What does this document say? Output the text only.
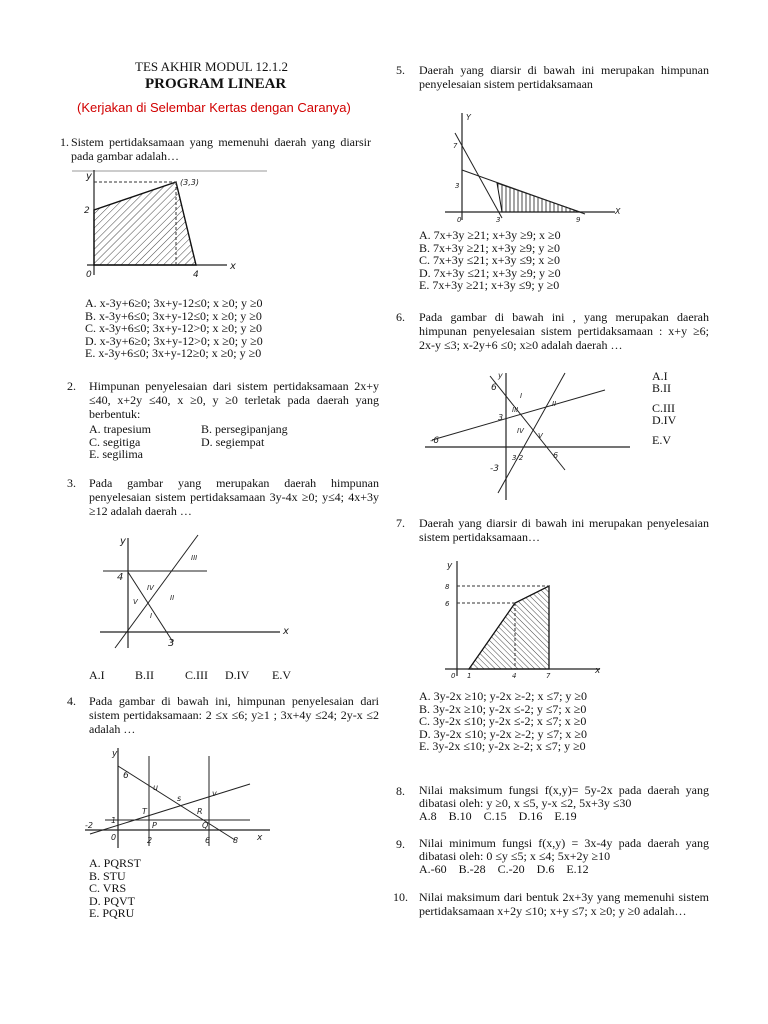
TES AKHIR MODUL 12.1.2
PROGRAM LINEAR
(Kerjakan di Selembar Kertas dengan Caranya)
1. Sistem pertidaksamaan yang memenuhi daerah yang diarsir pada gambar adalah…
y
x
(3,3)
2
0	4
A. x-3y+6≥0; 3x+y-12≤0; x ≥0; y ≥0
B. x-3y+6≤0; 3x+y-12≤0; x ≥0; y ≥0
C. x-3y+6≤0; 3x+y-12>0; x ≥0; y ≥0
D. x-3y+6≥0; 3x+y-12>0; x ≥0; y ≥0
E. x-3y+6≤0; 3x+y-12≥0; x ≥0; y ≥0
2. Himpunan penyelesaian dari sistem pertidaksamaan 2x+y ≤40, x+2y ≤40, x ≥0, y ≥0 terletak pada daerah yang berbentuk:
A. trapesium	B. persegipanjang
C. segitiga	D. segiempat
E. segilima
3. Pada gambar yang merupakan daerah himpunan penyelesaian sistem pertidaksamaan 3y-4x ≥0; y≤4; 4x+3y ≥12 adalah daerah …
y
x
4
3
I
II
III
IV
V
A.I	B.II	C.III D.IV E.V
4. Pada gambar di bawah ini, himpunan penyelesaian dari sistem pertidaksamaan: 2 ≤x ≤6; y≥1 ; 3x+4y ≤24; 2y-x ≤2 adalah …
y
x
6
u
s
v
T
P	Q
R
2	6	8
-2
1
0
A. PQRST
B. STU
C. VRS
D. PQVT
E. PQRU
5. Daerah yang diarsir di bawah ini merupakan himpunan penyelesaian sistem pertidaksamaan
Y
X
7
3
3	9
0
A. 7x+3y ≥21; x+3y ≥9; x ≥0
B. 7x+3y ≥21; x+3y ≥9; y ≥0
C. 7x+3y ≤21; x+3y ≤9; x ≥0
D. 7x+3y ≤21; x+3y ≥9; y ≥0
E. 7x+3y ≥21; x+3y ≤9; y ≥0
6. Pada gambar di bawah ini , yang merupakan daerah himpunan penyelesaian sistem pertidaksamaan : x+y ≥6; 2x-y ≤3; x-2y+6 ≤0; x≥0 adalah daerah …
y
6
-6
-3
3
3/2	6
I
II
III
IV
V
A.I
B.II
C.III
D.IV
E.V
7. Daerah yang diarsir di bawah ini merupakan penyelesaian sistem pertidaksamaan…
y
x
8
6
0 1	4	7
A. 3y-2x ≥10; y-2x ≥-2; x ≤7; y ≥0
B. 3y-2x ≥10; y-2x ≤-2; y ≤7; x ≥0
C. 3y-2x ≤10; y-2x ≤-2; x ≤7; x ≥0
D. 3y-2x ≤10; y-2x ≥-2; y ≤7; x ≥0
E. 3y-2x ≤10; y-2x ≥-2; x ≤7; y ≥0
8. Nilai maksimum fungsi f(x,y)= 5y-2x pada daerah yang dibatasi oleh: y ≥0, x ≤5, y-x ≤2, 5x+3y ≤30
A.8    B.10    C.15    D.16    E.19
9. Nilai minimum fungsi f(x,y) = 3x-4y pada daerah yang dibatasi oleh: 0 ≤y ≤5; x ≤4; 5x+2y ≥10
A.-60    B.-28    C.-20    D.6    E.12
10. Nilai maksimum dari bentuk 2x+3y yang memenuhi sistem pertidaksamaan x+2y ≤10; x+y ≤7; x ≥0; y ≥0 adalah…
